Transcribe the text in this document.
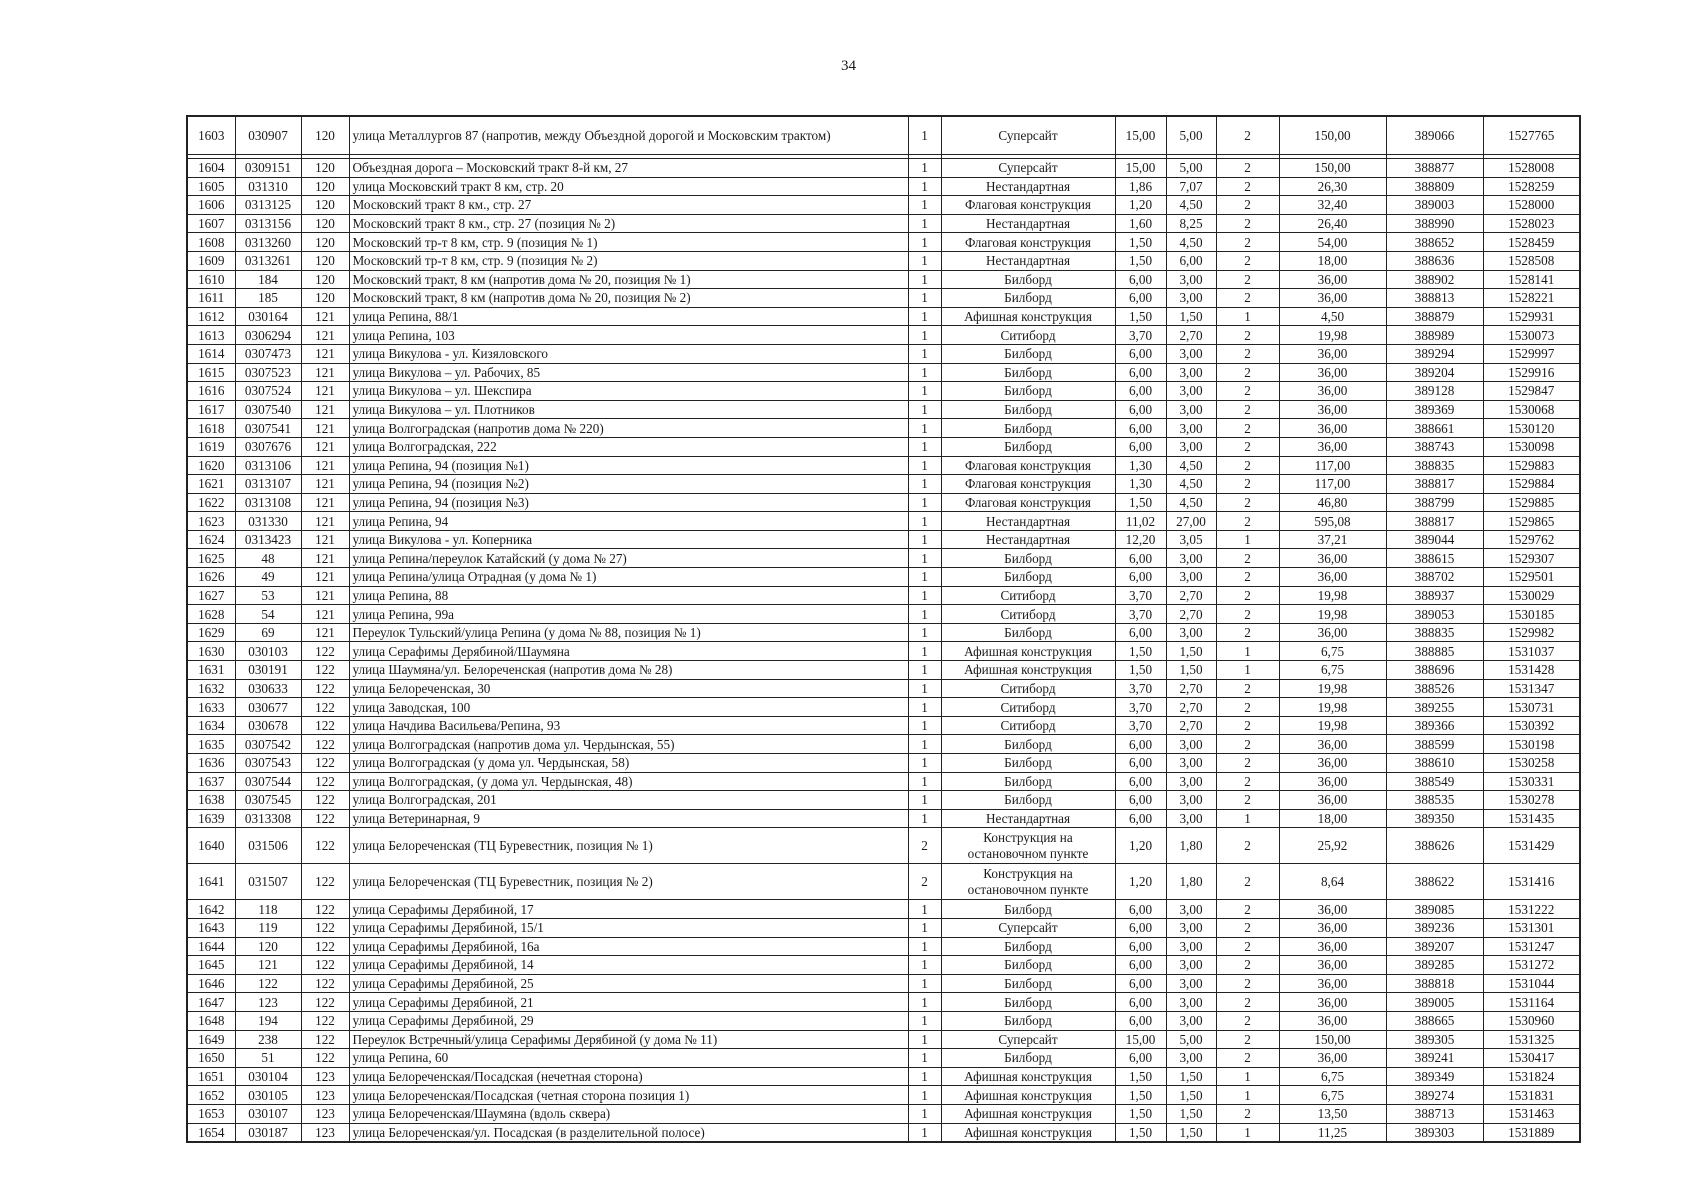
34
1603	030907	120	улица Металлургов 87 (напротив, между Объездной дорогой и Московским трактом)	1	Суперсайт	15,00	5,00	2	150,00	389066	1527765

1604	0309151	120	Объездная дорога – Московский тракт 8-й км, 27	1	Суперсайт	15,00	5,00	2	150,00	388877	1528008
1605	031310	120	улица Московский тракт 8 км, стр. 20	1	Нестандартная	1,86	7,07	2	26,30	388809	1528259
1606	0313125	120	Московский тракт 8 км., стр. 27	1	Флаговая конструкция	1,20	4,50	2	32,40	389003	1528000
1607	0313156	120	Московский тракт 8 км., стр. 27 (позиция № 2)	1	Нестандартная	1,60	8,25	2	26,40	388990	1528023
1608	0313260	120	Московский тр-т 8 км, стр. 9 (позиция № 1)	1	Флаговая конструкция	1,50	4,50	2	54,00	388652	1528459
1609	0313261	120	Московский тр-т 8 км, стр. 9 (позиция № 2)	1	Нестандартная	1,50	6,00	2	18,00	388636	1528508
1610	184	120	Московский тракт, 8 км (напротив дома № 20, позиция № 1)	1	Билборд	6,00	3,00	2	36,00	388902	1528141
1611	185	120	Московский тракт, 8 км (напротив дома № 20, позиция № 2)	1	Билборд	6,00	3,00	2	36,00	388813	1528221
1612	030164	121	улица Репина, 88/1	1	Афишная конструкция	1,50	1,50	1	4,50	388879	1529931
1613	0306294	121	улица Репина, 103	1	Ситиборд	3,70	2,70	2	19,98	388989	1530073
1614	0307473	121	улица Викулова - ул. Кизяловского	1	Билборд	6,00	3,00	2	36,00	389294	1529997
1615	0307523	121	улица Викулова – ул. Рабочих, 85	1	Билборд	6,00	3,00	2	36,00	389204	1529916
1616	0307524	121	улица Викулова – ул. Шекспира	1	Билборд	6,00	3,00	2	36,00	389128	1529847
1617	0307540	121	улица Викулова – ул. Плотников	1	Билборд	6,00	3,00	2	36,00	389369	1530068
1618	0307541	121	улица Волгоградская (напротив дома № 220)	1	Билборд	6,00	3,00	2	36,00	388661	1530120
1619	0307676	121	улица Волгоградская, 222	1	Билборд	6,00	3,00	2	36,00	388743	1530098
1620	0313106	121	улица Репина, 94 (позиция №1)	1	Флаговая конструкция	1,30	4,50	2	117,00	388835	1529883
1621	0313107	121	улица Репина, 94 (позиция №2)	1	Флаговая конструкция	1,30	4,50	2	117,00	388817	1529884
1622	0313108	121	улица Репина, 94 (позиция №3)	1	Флаговая конструкция	1,50	4,50	2	46,80	388799	1529885
1623	031330	121	улица Репина, 94	1	Нестандартная	11,02	27,00	2	595,08	388817	1529865
1624	0313423	121	улица Викулова - ул. Коперника	1	Нестандартная	12,20	3,05	1	37,21	389044	1529762
1625	48	121	улица Репина/переулок Катайский (у дома № 27)	1	Билборд	6,00	3,00	2	36,00	388615	1529307
1626	49	121	улица Репина/улица Отрадная (у дома № 1)	1	Билборд	6,00	3,00	2	36,00	388702	1529501
1627	53	121	улица Репина, 88	1	Ситиборд	3,70	2,70	2	19,98	388937	1530029
1628	54	121	улица Репина, 99а	1	Ситиборд	3,70	2,70	2	19,98	389053	1530185
1629	69	121	Переулок Тульский/улица Репина (у дома № 88, позиция № 1)	1	Билборд	6,00	3,00	2	36,00	388835	1529982
1630	030103	122	улица Серафимы Дерябиной/Шаумяна	1	Афишная конструкция	1,50	1,50	1	6,75	388885	1531037
1631	030191	122	улица Шаумяна/ул. Белореченская (напротив дома № 28)	1	Афишная конструкция	1,50	1,50	1	6,75	388696	1531428
1632	030633	122	улица Белореченская, 30	1	Ситиборд	3,70	2,70	2	19,98	388526	1531347
1633	030677	122	улица Заводская, 100	1	Ситиборд	3,70	2,70	2	19,98	389255	1530731
1634	030678	122	улица Начдива Васильева/Репина, 93	1	Ситиборд	3,70	2,70	2	19,98	389366	1530392
1635	0307542	122	улица Волгоградская (напротив дома ул. Чердынская, 55)	1	Билборд	6,00	3,00	2	36,00	388599	1530198
1636	0307543	122	улица Волгоградская (у дома ул. Чердынская, 58)	1	Билборд	6,00	3,00	2	36,00	388610	1530258
1637	0307544	122	улица Волгоградская, (у дома ул. Чердынская, 48)	1	Билборд	6,00	3,00	2	36,00	388549	1530331
1638	0307545	122	улица Волгоградская, 201	1	Билборд	6,00	3,00	2	36,00	388535	1530278
1639	0313308	122	улица Ветеринарная, 9	1	Нестандартная	6,00	3,00	1	18,00	389350	1531435
1640	031506	122	улица Белореченская (ТЦ Буревестник, позиция № 1)	2	Конструкция на остановочном пункте	1,20	1,80	2	25,92	388626	1531429
1641	031507	122	улица Белореченская (ТЦ Буревестник, позиция № 2)	2	Конструкция на остановочном пункте	1,20	1,80	2	8,64	388622	1531416
1642	118	122	улица Серафимы Дерябиной, 17	1	Билборд	6,00	3,00	2	36,00	389085	1531222
1643	119	122	улица Серафимы Дерябиной, 15/1	1	Суперсайт	6,00	3,00	2	36,00	389236	1531301
1644	120	122	улица Серафимы Дерябиной, 16а	1	Билборд	6,00	3,00	2	36,00	389207	1531247
1645	121	122	улица Серафимы Дерябиной, 14	1	Билборд	6,00	3,00	2	36,00	389285	1531272
1646	122	122	улица Серафимы Дерябиной, 25	1	Билборд	6,00	3,00	2	36,00	388818	1531044
1647	123	122	улица Серафимы Дерябиной, 21	1	Билборд	6,00	3,00	2	36,00	389005	1531164
1648	194	122	улица Серафимы Дерябиной, 29	1	Билборд	6,00	3,00	2	36,00	388665	1530960
1649	238	122	Переулок Встречный/улица Серафимы Дерябиной (у дома № 11)	1	Суперсайт	15,00	5,00	2	150,00	389305	1531325
1650	51	122	улица Репина, 60	1	Билборд	6,00	3,00	2	36,00	389241	1530417
1651	030104	123	улица Белореченская/Посадская (нечетная сторона)	1	Афишная конструкция	1,50	1,50	1	6,75	389349	1531824
1652	030105	123	улица Белореченская/Посадская (четная сторона позиция 1)	1	Афишная конструкция	1,50	1,50	1	6,75	389274	1531831
1653	030107	123	улица Белореченская/Шаумяна (вдоль сквера)	1	Афишная конструкция	1,50	1,50	2	13,50	388713	1531463
1654	030187	123	улица Белореченская/ул. Посадская (в разделительной полосе)	1	Афишная конструкция	1,50	1,50	1	11,25	389303	1531889
